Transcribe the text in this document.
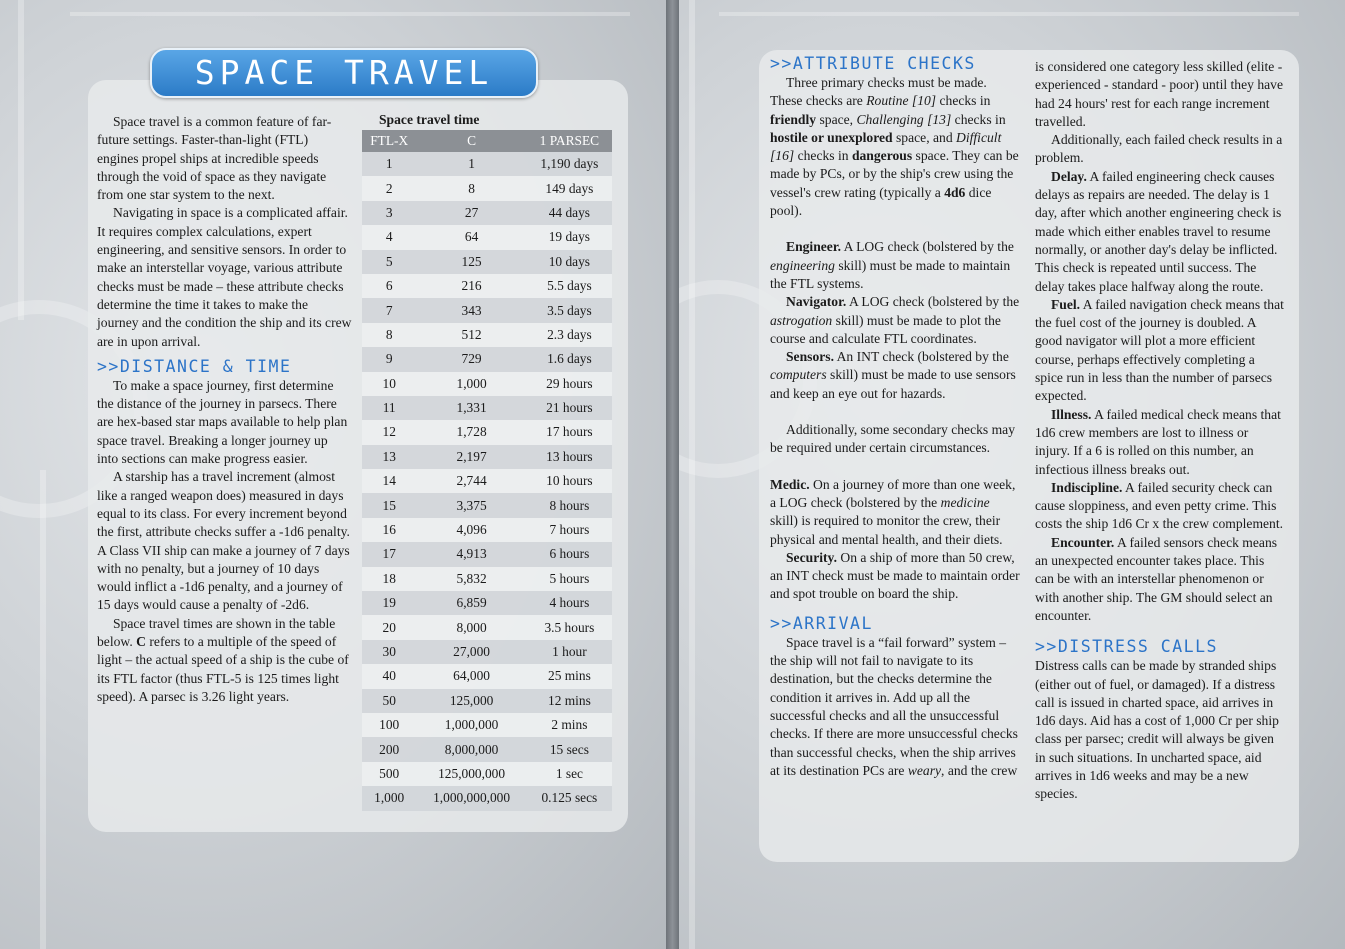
SPACE TRAVEL

Space travel is a common feature of far-future settings. Faster-than-light (FTL) engines propel ships at incredible speeds through the void of space as they navigate from one star system to the next.

Navigating in space is a complicated affair. It requires complex calculations, expert engineering, and sensitive sensors. In order to make an interstellar voyage, various attribute checks must be made – these attribute checks determine the time it takes to make the journey and the condition the ship and its crew are in upon arrival.

>>DISTANCE & TIME

To make a space journey, first determine the distance of the journey in parsecs. There are hex-based star maps available to help plan space travel. Breaking a longer journey up into sections can make progress easier.

A starship has a travel increment (almost like a ranged weapon does) measured in days equal to its class. For every increment beyond the first, attribute checks suffer a -1d6 penalty. A Class VII ship can make a journey of 7 days with no penalty, but a journey of 10 days would inflict a -1d6 penalty, and a journey of 15 days would cause a penalty of -2d6.

Space travel times are shown in the table below. C refers to a multiple of the speed of light – the actual speed of a ship is the cube of its FTL factor (thus FTL-5 is 125 times light speed). A parsec is 3.26 light years.

Space travel time
FTL-X	C	1 PARSEC
1	1	1,190 days
2	8	149 days
3	27	44 days
4	64	19 days
5	125	10 days
6	216	5.5 days
7	343	3.5 days
8	512	2.3 days
9	729	1.6 days
10	1,000	29 hours
11	1,331	21 hours
12	1,728	17 hours
13	2,197	13 hours
14	2,744	10 hours
15	3,375	8 hours
16	4,096	7 hours
17	4,913	6 hours
18	5,832	5 hours
19	6,859	4 hours
20	8,000	3.5 hours
30	27,000	1 hour
40	64,000	25 mins
50	125,000	12 mins
100	1,000,000	2 mins
200	8,000,000	15 secs
500	125,000,000	1 sec
1,000	1,000,000,000	0.125 secs
>>ATTRIBUTE CHECKS

Three primary checks must be made. These checks are Routine [10] checks in friendly space, Challenging [13] checks in hostile or unexplored space, and Difficult [16] checks in dangerous space. They can be made by PCs, or by the ship's crew using the vessel's crew rating (typically a 4d6 dice pool).

Engineer. A LOG check (bolstered by the engineering skill) must be made to maintain the FTL systems.

Navigator. A LOG check (bolstered by the astrogation skill) must be made to plot the course and calculate FTL coordinates.

Sensors. An INT check (bolstered by the computers skill) must be made to use sensors and keep an eye out for hazards.

Additionally, some secondary checks may be required under certain circumstances.

Medic. On a journey of more than one week, a LOG check (bolstered by the medicine skill) is required to monitor the crew, their physical and mental health, and their diets.

Security. On a ship of more than 50 crew, an INT check must be made to maintain order and spot trouble on board the ship.

>>ARRIVAL

Space travel is a “fail forward” system – the ship will not fail to navigate to its destination, but the checks determine the condition it arrives in. Add up all the successful checks and all the unsuccessful checks. If there are more unsuccessful checks than successful checks, when the ship arrives at its destination PCs are weary, and the crew

is considered one category less skilled (elite - experienced - standard - poor) until they have had 24 hours' rest for each range increment travelled.

Additionally, each failed check results in a problem.

Delay. A failed engineering check causes delays as repairs are needed. The delay is 1 day, after which another engineering check is made which either enables travel to resume normally, or another day's delay be inflicted. This check is repeated until success. The delay takes place halfway along the route.

Fuel. A failed navigation check means that the fuel cost of the journey is doubled. A good navigator will plot a more efficient course, perhaps effectively completing a spice run in less than the number of parsecs expected.

Illness. A failed medical check means that 1d6 crew members are lost to illness or injury. If a 6 is rolled on this number, an infectious illness breaks out.

Indiscipline. A failed security check can cause sloppiness, and even petty crime. This costs the ship 1d6 Cr x the crew complement.

Encounter. A failed sensors check means an unexpected encounter takes place. This can be with an interstellar phenomenon or with another ship. The GM should select an encounter.

>>DISTRESS CALLS

Distress calls can be made by stranded ships (either out of fuel, or damaged). If a distress call is issued in charted space, aid arrives in 1d6 days. Aid has a cost of 1,000 Cr per ship class per parsec; credit will always be given in such situations. In uncharted space, aid arrives in 1d6 weeks and may be a new species.
